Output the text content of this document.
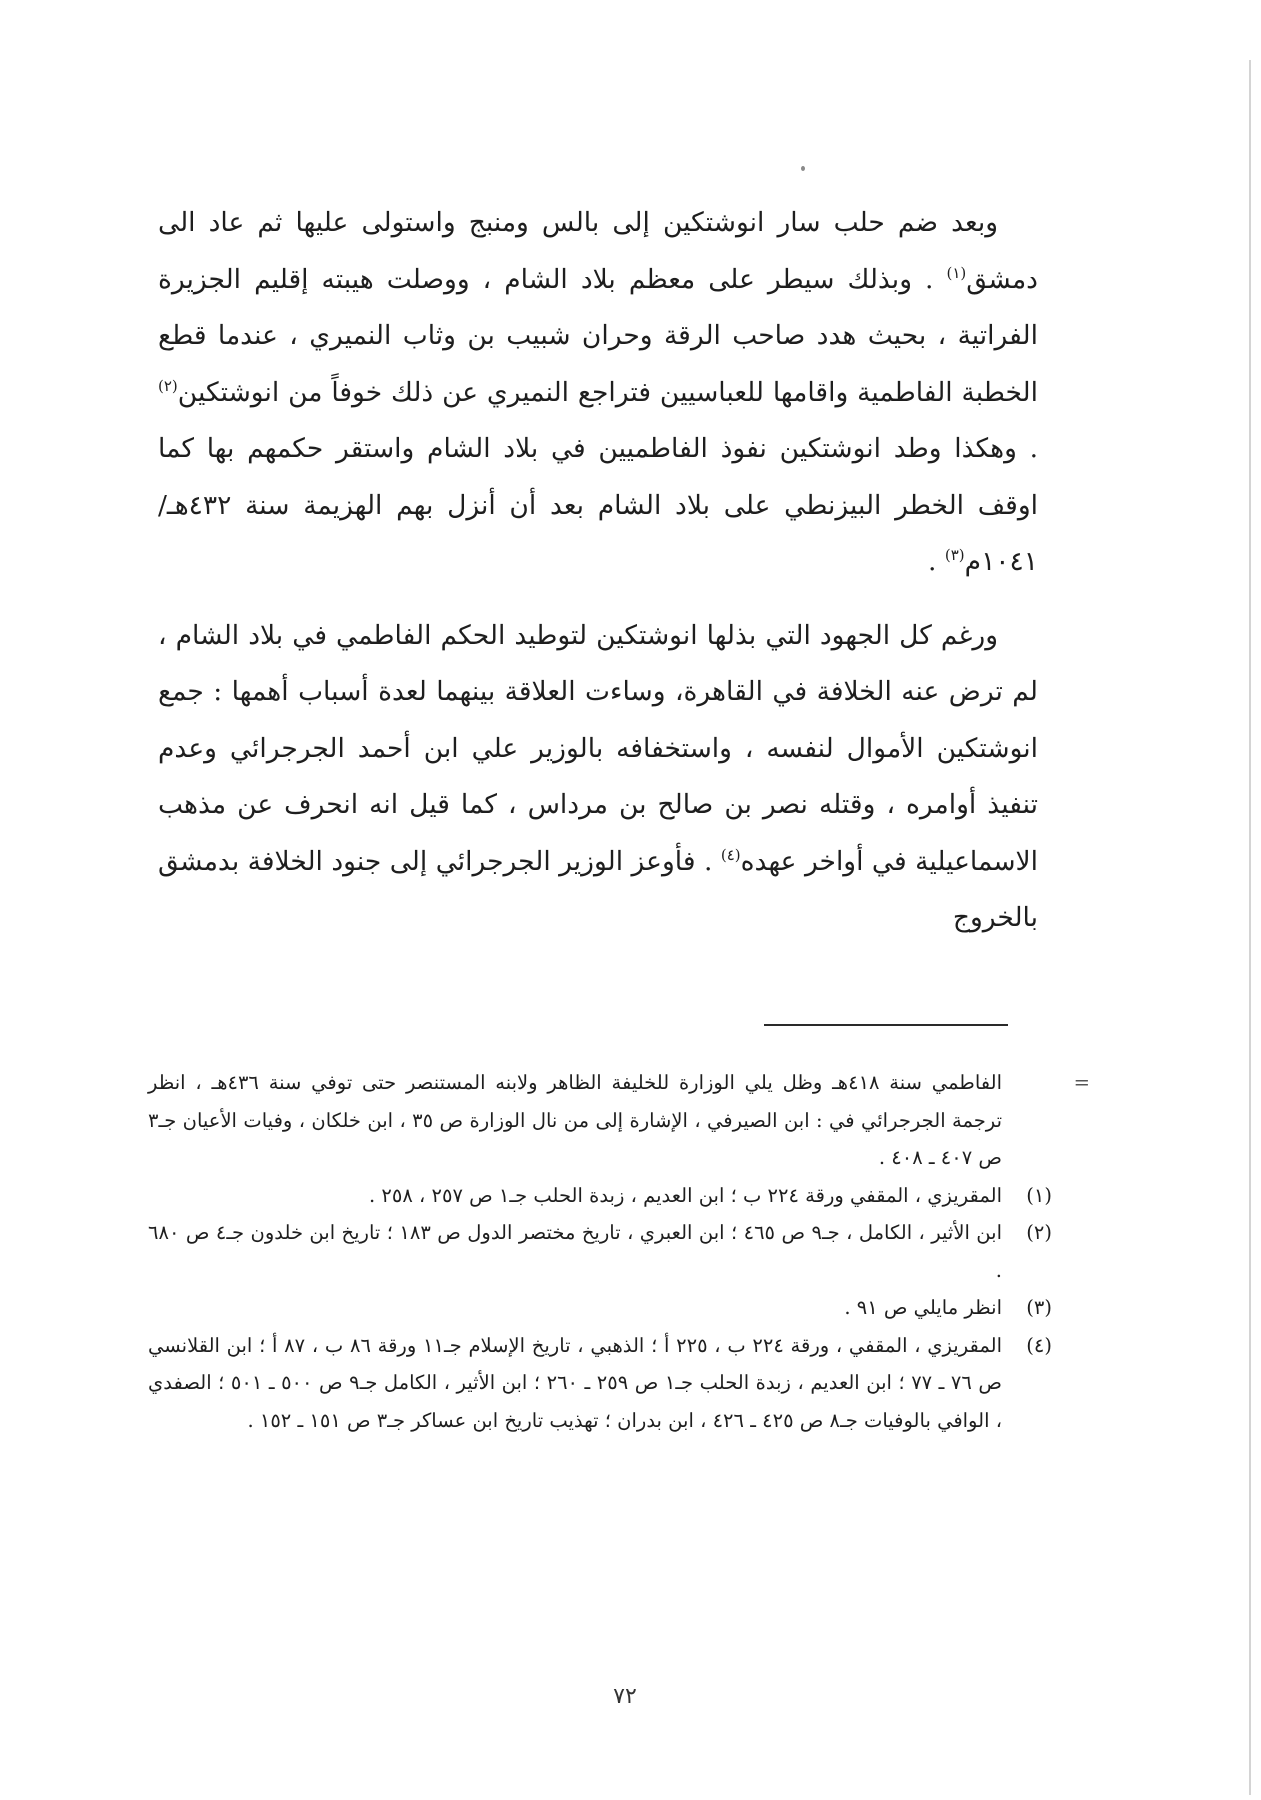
وبعد ضم حلب سار انوشتكين إلى بالس ومنبج واستولى عليها ثم عاد الى دمشق$^{(١)}$ . وبذلك سيطر على معظم بلاد الشام ، ووصلت هيبته إقليم الجزيرة الفراتية ، بحيث هدد صاحب الرقة وحران شبيب بن وثاب النميري ، عندما قطع الخطبة الفاطمية واقامها للعباسيين فتراجع النميري عن ذلك خوفاً من انوشتكين$^{(٢)}$ . وهكذا وطد انوشتكين نفوذ الفاطميين في بلاد الشام واستقر حكمهم بها كما اوقف الخطر البيزنطي على بلاد الشام بعد أن أنزل بهم الهزيمة سنة ٤٣٢هـ/ ١٠٤١م$^{(٣)}$ .

ورغم كل الجهود التي بذلها انوشتكين لتوطيد الحكم الفاطمي في بلاد الشام ، لم ترض عنه الخلافة في القاهرة، وساءت العلاقة بينهما لعدة أسباب أهمها : جمع انوشتكين الأموال لنفسه ، واستخفافه بالوزير علي ابن أحمد الجرجرائي وعدم تنفيذ أوامره ، وقتله نصر بن صالح بن مرداس ، كما قيل انه انحرف عن مذهب الاسماعيلية في أواخر عهده$^{(٤)}$ . فأوعز الوزير الجرجرائي إلى جنود الخلافة بدمشق بالخروج

=
الفاطمي سنة ٤١٨هـ وظل يلي الوزارة للخليفة الظاهر ولابنه المستنصر حتى توفي سنة ٤٣٦هـ ، انظر ترجمة الجرجرائي في : ابن الصيرفي ، الإشارة إلى من نال الوزارة ص ٣٥ ، ابن خلكان ، وفيات الأعيان جـ٣ ص ٤٠٧ ـ ٤٠٨ .
(١)
المقريزي ، المقفي ورقة ٢٢٤ ب ؛ ابن العديم ، زبدة الحلب جـ١ ص ٢٥٧ ، ٢٥٨ .
(٢)
ابن الأثير ، الكامل ، جـ٩ ص ٤٦٥ ؛ ابن العبري ، تاريخ مختصر الدول ص ١٨٣ ؛ تاريخ ابن خلدون جـ٤ ص ٦٨٠ .
(٣)
انظر مايلي ص ٩١ .
(٤)
المقريزي ، المقفي ، ورقة ٢٢٤ ب ، ٢٢٥ أ ؛ الذهبي ، تاريخ الإسلام جـ١١ ورقة ٨٦ ب ، ٨٧ أ ؛ ابن القلانسي ص ٧٦ ـ ٧٧ ؛ ابن العديم ، زبدة الحلب جـ١ ص ٢٥٩ ـ ٢٦٠ ؛ ابن الأثير ، الكامل جـ٩ ص ٥٠٠ ـ ٥٠١ ؛ الصفدي ، الوافي بالوفيات جـ٨ ص ٤٢٥ ـ ٤٢٦ ، ابن بدران ؛ تهذيب تاريخ ابن عساكر جـ٣ ص ١٥١ ـ ١٥٢ .
٧٢
